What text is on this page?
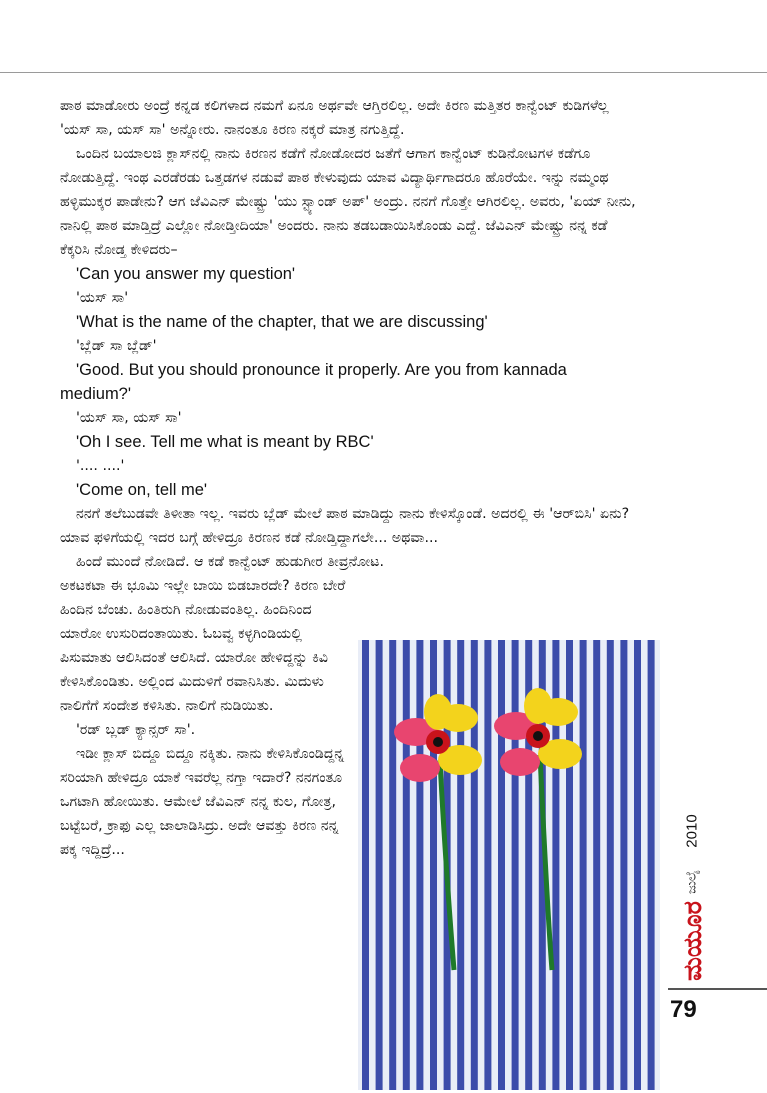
ಪಾಠ ಮಾಡೋರು ಅಂದ್ರೆ ಕನ್ನಡ ಕಲಿಗಳಾದ ನಮಗೆ ಏನೂ ಅರ್ಥವೇ ಆಗ್ತಿರಲಿಲ್ಲ. ಅದೇ ಕಿರಣ ಮತ್ತಿತರ ಕಾನ್ವೆಂಟ್ ಕುಡಿಗಳೆಲ್ಲ 'ಯಸ್ ಸಾ, ಯಸ್ ಸಾ' ಅನ್ನೋರು. ನಾನಂತೂ ಕಿರಣ ನಕ್ಕರೆ ಮಾತ್ರ ನಗುತ್ತಿದ್ದೆ.

ಒಂದಿನ ಬಯಾಲಜಿ ಕ್ಲಾಸ್‌ನಲ್ಲಿ ನಾನು ಕಿರಣನ ಕಡೆಗೆ ನೋಡೋದರ ಜತೆಗೆ ಆಗಾಗ ಕಾನ್ವೆಂಟ್ ಕುಡಿನೋಟಗಳ ಕಡೆಗೂ ನೋಡುತ್ತಿದ್ದೆ. ಇಂಥ ಎರಡೆರಡು ಒತ್ತಡಗಳ ನಡುವೆ ಪಾಠ ಕೇಳುವುದು ಯಾವ ವಿದ್ಯಾರ್ಥಿಗಾದರೂ ಹೊರೆಯೇ. ಇನ್ನು ನಮ್ಮಂಥ ಹಳ್ಳಿಮುಕ್ಕರ ಪಾಡೇನು? ಆಗ ಜೆವಿಎನ್ ಮೇಷ್ಟ್ರು 'ಯು ಸ್ಟ್ಯಾಂಡ್ ಅಪ್' ಅಂದ್ರು. ನನಗೆ ಗೊತ್ತೇ ಆಗಿರಲಿಲ್ಲ. ಅವರು, 'ಏಯ್ ನೀನು, ನಾನಿಲ್ಲಿ ಪಾಠ ಮಾಡ್ತಿದ್ರೆ ಎಲ್ಲೋ ನೋಡ್ತೀದಿಯಾ' ಅಂದರು. ನಾನು ತಡಬಡಾಯಿಸಿಕೊಂಡು ಎದ್ದೆ. ಜೆವಿಎನ್ ಮೇಷ್ಟ್ರು ನನ್ನ ಕಡೆ ಕೆಕ್ಕರಿಸಿ ನೋಡ್ತ ಕೇಳಿದರು–

'Can you answer my question'

'ಯಸ್ ಸಾ'

'What is the name of the chapter, that we are discussing'

'ಬ್ಲೆಡ್ ಸಾ ಬ್ಲೆಡ್'

'Good. But you should pronounce it properly. Are you from kannada medium?'

'ಯಸ್ ಸಾ, ಯಸ್ ಸಾ'

'Oh I see. Tell me what is meant by RBC'

'.... ....'

'Come on, tell me'

ನನಗೆ ತಲೆಬುಡವೇ ತಿಳೀತಾ ಇಲ್ಲ. ಇವರು ಬ್ಲೆಡ್ ಮೇಲೆ ಪಾಠ ಮಾಡಿದ್ದು ನಾನು ಕೇಳಿಸ್ಕೊಂಡೆ. ಅದರಲ್ಲಿ ಈ 'ಆರ್‌ಬಿಸಿ' ಏನು? ಯಾವ ಫಳಿಗೆಯಲ್ಲಿ ಇದರ ಬಗ್ಗೆ ಹೇಳಿದ್ರೂ ಕಿರಣನ ಕಡೆ ನೋಡ್ತಿದ್ದಾಗಲೇ... ಅಥವಾ...

ಹಿಂದೆ ಮುಂದೆ ನೋಡಿದೆ. ಆ ಕಡೆ ಕಾನ್ವೆಂಟ್ ಹುಡುಗೀರ ತೀವ್ರನೋಟ.

ಅಕಟಕಟಾ ಈ ಭೂಮಿ ಇಲ್ಲೇ ಬಾಯಿ ಬಿಡಬಾರದೇ? ಕಿರಣ ಬೇರೆ ಹಿಂದಿನ ಬೆಂಚು. ಹಿಂತಿರುಗಿ ನೋಡುವಂತಿಲ್ಲ. ಹಿಂದಿನಿಂದ ಯಾರೋ ಉಸುರಿದಂತಾಯಿತು. ಓಬವ್ವ ಕಳ್ಳಗಿಂಡಿಯಲ್ಲಿ ಪಿಸುಮಾತು ಆಲಿಸಿದಂತೆ ಆಲಿಸಿದೆ. ಯಾರೋ ಹೇಳಿದ್ದನ್ನು ಕಿವಿ ಕೇಳಿಸಿಕೊಂಡಿತು. ಅಲ್ಲಿಂದ ಮಿದುಳಿಗೆ ರವಾನಿಸಿತು. ಮಿದುಳು ನಾಲಿಗೆಗೆ ಸಂದೇಶ ಕಳಿಸಿತು. ನಾಲಿಗೆ ನುಡಿಯಿತು.

'ರಡ್ ಬ್ಲಡ್ ಕ್ಯಾನ್ಸರ್ ಸಾ'.

ಇಡೀ ಕ್ಲಾಸ್ ಬಿದ್ದೂ ಬಿದ್ದೂ ನಕ್ಕಿತು. ನಾನು ಕೇಳಿಸಿಕೊಂಡಿದ್ದನ್ನ ಸರಿಯಾಗಿ ಹೇಳಿದ್ರೂ ಯಾಕೆ ಇವರೆಲ್ಲ ನಗ್ತಾ ಇದಾರೆ? ನನಗಂತೂ ಒಗಟಾಗಿ ಹೋಯಿತು. ಆಮೇಲೆ ಜೆವಿಎನ್ ನನ್ನ ಕುಲ, ಗೋತ್ರ, ಬಟ್ಟೆಬರೆ, ಕ್ರಾಫು ಎಲ್ಲ ಜಾಲಾಡಿಸಿದ್ರು. ಅದೇ ಆವತ್ತು ಕಿರಣ ನನ್ನ ಪಕ್ಕ ಇದ್ದಿದ್ರೆ...

2010
ಜುಲೈ
ಮಯೂರ
79
